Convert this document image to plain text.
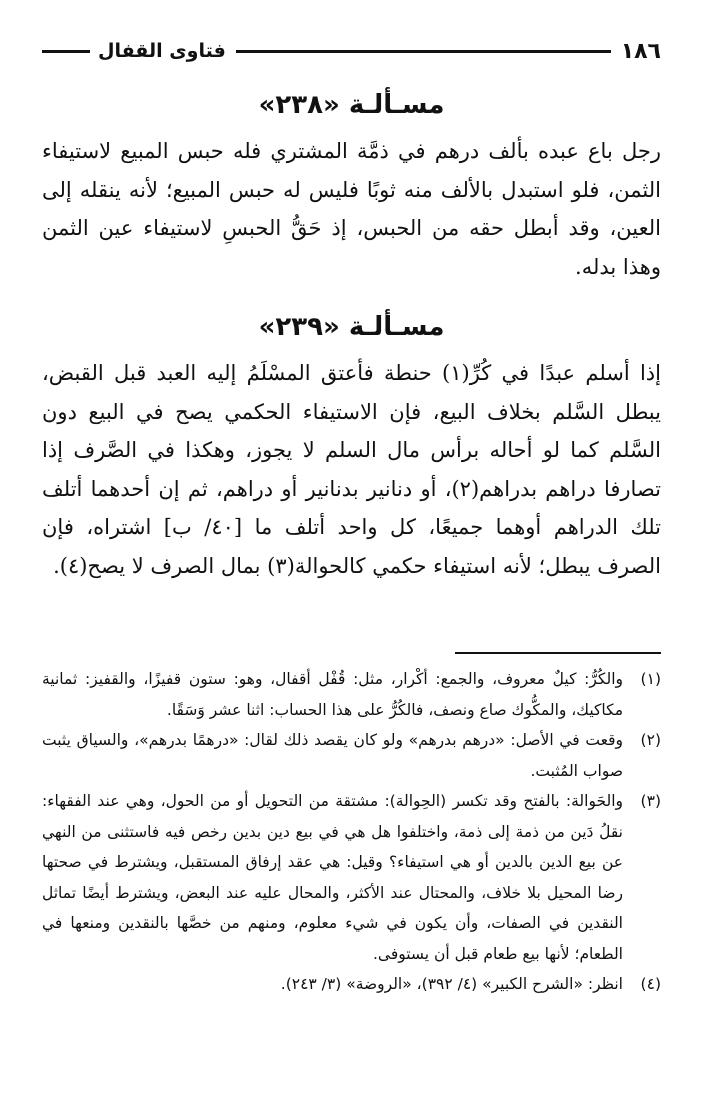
١٨٦
فتاوى القفال
مسـألـة «٢٣٨»

رجل باع عبده بألف درهم في ذمَّة المشتري فله حبس المبيع لاستيفاء الثمن، فلو استبدل بالألف منه ثوبًا فليس له حبس المبيع؛ لأنه ينقله إلى العين، وقد أبطل حقه من الحبس، إذ حَقُّ الحبسِ لاستيفاء عين الثمن وهذا بدله.

مسـألـة «٢٣٩»

إذا أسلم عبدًا في كُرِّ(١) حنطة فأعتق المسْلَمُ إليه العبد قبل القبض، يبطل السَّلم بخلاف البيع، فإن الاستيفاء الحكمي يصح في البيع دون السَّلم كما لو أحاله برأس مال السلم لا يجوز، وهكذا في الصَّرف إذا تصارفا دراهم بدراهم(٢)، أو دنانير بدنانير أو دراهم، ثم إن أحدهما أتلف تلك الدراهم أوهما جميعًا، كل واحد أتلف ما [٤٠/ ب] اشتراه، فإن الصرف يبطل؛ لأنه استيفاء حكمي كالحوالة(٣) بمال الصرف لا يصح(٤).

(١)
والكُرُّ: كيلٌ معروف، والجمع: أكْرار، مثل: قُفْل أقفال، وهو: ستون قفيزًا، والقفيز: ثمانية مكاكيك، والمكُّوك صاع ونصف، فالكُرُّ على هذا الحساب: اثنا عشر وَسَقًا.
(٢)
وقعت في الأصل: «درهم بدرهم» ولو كان يقصد ذلك لقال: «درهمًا بدرهم»، والسياق يثبت صواب المُثبت.
(٣)
والحَوالة: بالفتح وقد تكسر (الحِوالة): مشتقة من التحويل أو من الحول، وهي عند الفقهاء: نقلُ دَين من ذمة إلى ذمة، واختلفوا هل هي في بيع دين بدين رخص فيه فاستثنى من النهي عن بيع الدين بالدين أو هي استيفاء؟ وقيل: هي عقد إرفاق المستقبل، ويشترط في صحتها رضا المحيل بلا خلاف، والمحتال عند الأكثر، والمحال عليه عند البعض، ويشترط أيضًا تماثل النقدين في الصفات، وأن يكون في شيء معلوم، ومنهم من خصَّها بالنقدين ومنعها في الطعام؛ لأنها بيع طعام قبل أن يستوفى.
(٤)
انظر: «الشرح الكبير» (٤/ ٣٩٢)، «الروضة» (٣/ ٢٤٣).
